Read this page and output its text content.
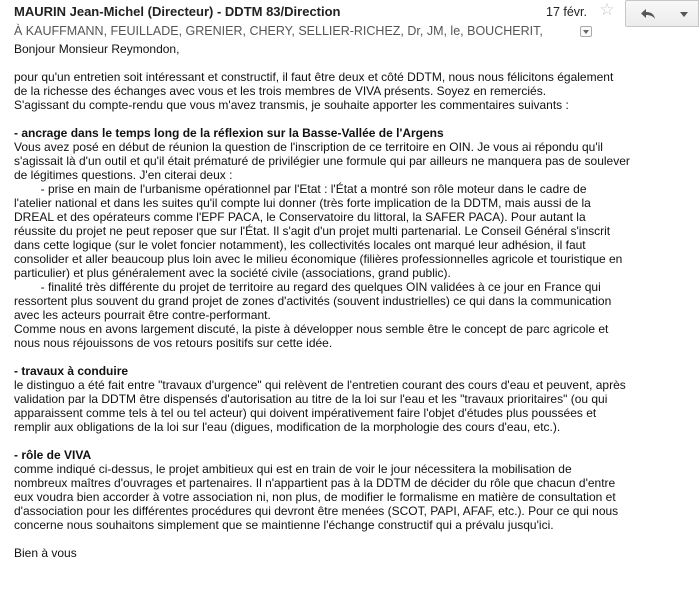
MAURIN Jean-Michel (Directeur) - DDTM 83/Direction	17 févr. ☆
À KAUFFMANN, FEUILLADE, GRENIER, CHERY, SELLIER-RICHEZ, Dr, JM, le, BOUCHERIT,

Bonjour Monsieur Reymondon,

pour qu'un entretien soit intéressant et constructif, il faut être deux et côté DDTM, nous nous félicitons également

de la richesse des échanges avec vous et les trois membres de VIVA présents. Soyez en remerciés.

S'agissant du compte-rendu que vous m'avez transmis, je souhaite apporter les commentaires suivants :

- ancrage dans le temps long de la réflexion sur la Basse-Vallée de l'Argens

Vous avez posé en début de réunion la question de l'inscription de ce territoire en OIN. Je vous ai répondu qu'il

s'agissait là d'un outil et qu'il était prématuré de privilégier une formule qui par ailleurs ne manquera pas de soulever

de légitimes questions. J'en citerai deux :

- prise en main de l'urbanisme opérationnel par l'Etat : l'État a montré son rôle moteur dans le cadre de

l'atelier national et dans les suites qu'il compte lui donner (très forte implication de la DDTM, mais aussi de la

DREAL et des opérateurs comme l'EPF PACA, le Conservatoire du littoral, la SAFER PACA). Pour autant la

réussite du projet ne peut reposer que sur l'État. Il s'agit d'un projet multi partenarial. Le Conseil Général s'inscrit

dans cette logique (sur le volet foncier notamment), les collectivités locales ont marqué leur adhésion, il faut

consolider et aller beaucoup plus loin avec le milieu économique (filières professionnelles agricole et touristique en

particulier) et plus généralement avec la société civile (associations, grand public).

- finalité très différente du projet de territoire au regard des quelques OIN validées à ce jour en France qui

ressortent plus souvent du grand projet de zones d'activités (souvent industrielles) ce qui dans la communication

avec les acteurs pourrait être contre-performant.

Comme nous en avons largement discuté, la piste à développer nous semble être le concept de parc agricole et

nous nous réjouissons de vos retours positifs sur cette idée.

- travaux à conduire

le distinguo a été fait entre "travaux d'urgence" qui relèvent de l'entretien courant des cours d'eau et peuvent, après

validation par la DDTM être dispensés d'autorisation au titre de la loi sur l'eau et les "travaux prioritaires" (ou qui

apparaissent comme tels à tel ou tel acteur) qui doivent impérativement faire l'objet d'études plus poussées et

remplir aux obligations de la loi sur l'eau (digues, modification de la morphologie des cours d'eau, etc.).

- rôle de VIVA

comme indiqué ci-dessus, le projet ambitieux qui est en train de voir le jour nécessitera la mobilisation de

nombreux maîtres d'ouvrages et partenaires. Il n'appartient pas à la DDTM de décider du rôle que chacun d'entre

eux voudra bien accorder à votre association ni, non plus, de modifier le formalisme en matière de consultation et

d'association pour les différentes procédures qui devront être menées (SCOT, PAPI, AFAF, etc.). Pour ce qui nous

concerne nous souhaitons simplement que se maintienne l'échange constructif qui a prévalu jusqu'ici.

Bien à vous
